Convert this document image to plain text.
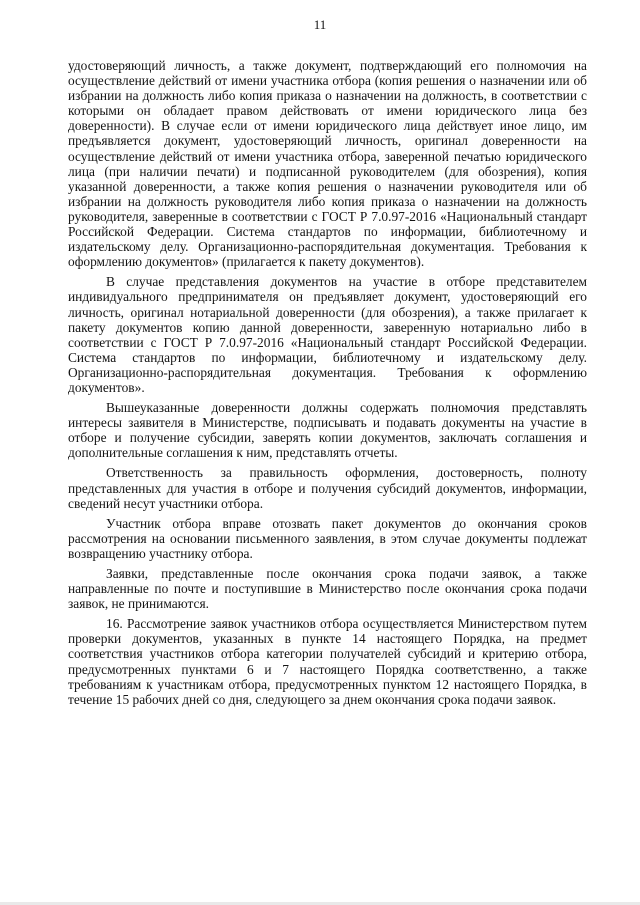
11

удостоверяющий личность, а также документ, подтверждающий его полномочия на осуществление действий от имени участника отбора (копия решения о назначении или об избрании на должность либо копия приказа о назначении на должность, в соответствии с которыми он обладает правом действовать от имени юридического лица без доверенности). В случае если от имени юридического лица действует иное лицо, им предъявляется документ, удостоверяющий личность, оригинал доверенности на осуществление действий от имени участника отбора, заверенной печатью юридического лица (при наличии печати) и подписанной руководителем (для обозрения), копия указанной доверенности, а также копия решения о назначении руководителя или об избрании на должность руководителя либо копия приказа о назначении на должность руководителя, заверенные в соответствии с ГОСТ Р 7.0.97-2016 «Национальный стандарт Российской Федерации. Система стандартов по информации, библиотечному и издательскому делу. Организационно-распорядительная документация. Требования к оформлению документов» (прилагается к пакету документов).

В случае представления документов на участие в отборе представителем индивидуального предпринимателя он предъявляет документ, удостоверяющий его личность, оригинал нотариальной доверенности (для обозрения), а также прилагает к пакету документов копию данной доверенности, заверенную нотариально либо в соответствии с ГОСТ Р 7.0.97-2016 «Национальный стандарт Российской Федерации. Система стандартов по информации, библиотечному и издательскому делу. Организационно-распорядительная документация. Требования к оформлению документов».

Вышеуказанные доверенности должны содержать полномочия представлять интересы заявителя в Министерстве, подписывать и подавать документы на участие в отборе и получение субсидии, заверять копии документов, заключать соглашения и дополнительные соглашения к ним, представлять отчеты.

Ответственность за правильность оформления, достоверность, полноту представленных для участия в отборе и получения субсидий документов, информации, сведений несут участники отбора.

Участник отбора вправе отозвать пакет документов до окончания сроков рассмотрения на основании письменного заявления, в этом случае документы подлежат возвращению участнику отбора.

Заявки, представленные после окончания срока подачи заявок, а также направленные по почте и поступившие в Министерство после окончания срока подачи заявок, не принимаются.

16. Рассмотрение заявок участников отбора осуществляется Министерством путем проверки документов, указанных в пункте 14 настоящего Порядка, на предмет соответствия участников отбора категории получателей субсидий и критерию отбора, предусмотренных пунктами 6 и 7 настоящего Порядка соответственно, а также требованиям к участникам отбора, предусмотренных пунктом 12 настоящего Порядка, в течение 15 рабочих дней со дня, следующего за днем окончания срока подачи заявок.
